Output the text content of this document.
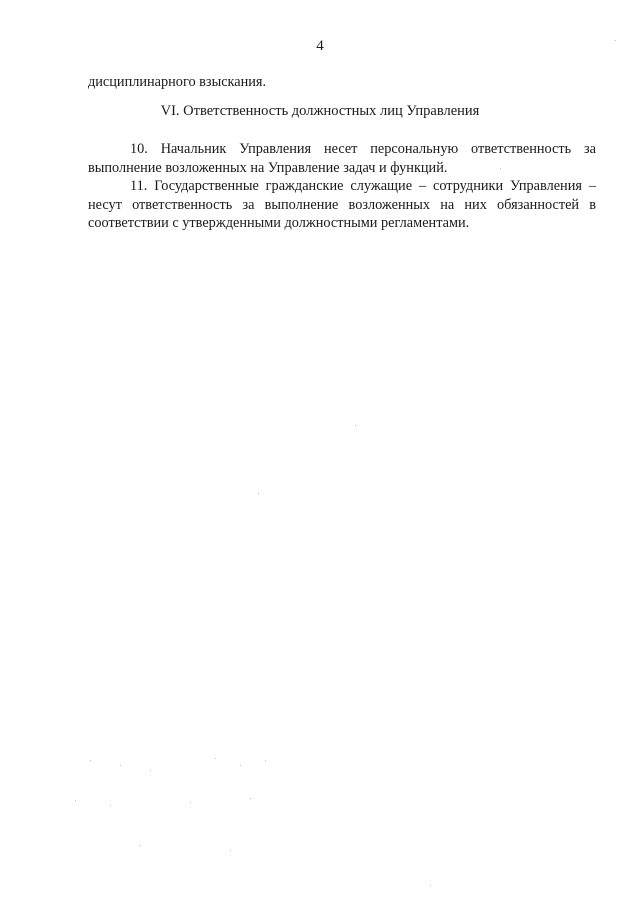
4

дисциплинарного взыскания.

VI. Ответственность должностных лиц Управления

10. Начальник Управления несет персональную ответственность за выполнение возложенных на Управление задач и функций.

11. Государственные гражданские служащие – сотрудники Управления – несут ответственность за выполнение возложенных на них обязанностей в соответствии с утвержденными должностными регламентами.
